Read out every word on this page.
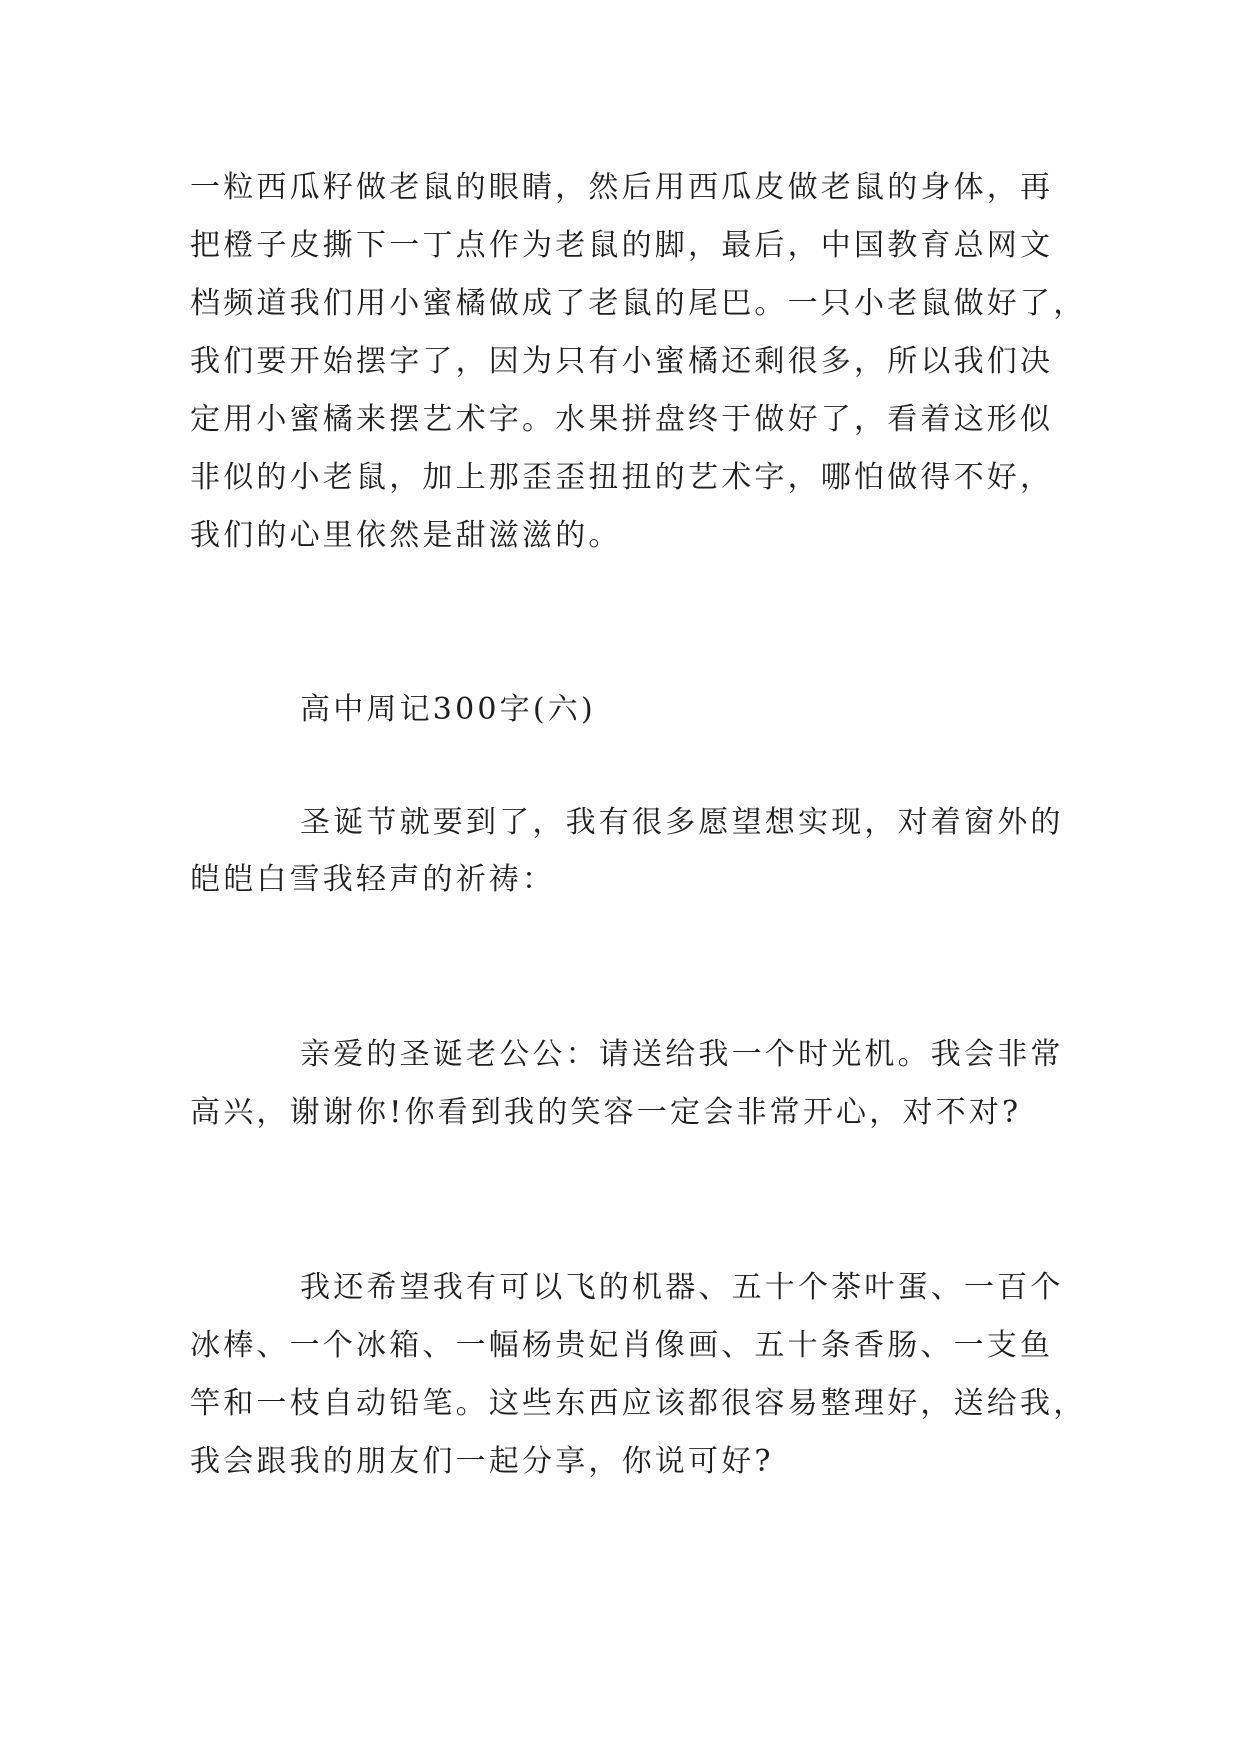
一粒西瓜籽做老鼠的眼睛，然后用西瓜皮做老鼠的身体，再
把橙子皮撕下一丁点作为老鼠的脚，最后，中国教育总网文
档频道我们用小蜜橘做成了老鼠的尾巴。一只小老鼠做好了，
我们要开始摆字了，因为只有小蜜橘还剩很多，所以我们决
定用小蜜橘来摆艺术字。水果拼盘终于做好了，看着这形似
非似的小老鼠，加上那歪歪扭扭的艺术字，哪怕做得不好，
我们的心里依然是甜滋滋的。
高中周记300字(六)
圣诞节就要到了，我有很多愿望想实现，对着窗外的
皑皑白雪我轻声的祈祷：
亲爱的圣诞老公公：请送给我一个时光机。我会非常
高兴，谢谢你!你看到我的笑容一定会非常开心，对不对?
我还希望我有可以飞的机器、五十个茶叶蛋、一百个
冰棒、一个冰箱、一幅杨贵妃肖像画、五十条香肠、一支鱼
竿和一枝自动铅笔。这些东西应该都很容易整理好，送给我，
我会跟我的朋友们一起分享，你说可好?
